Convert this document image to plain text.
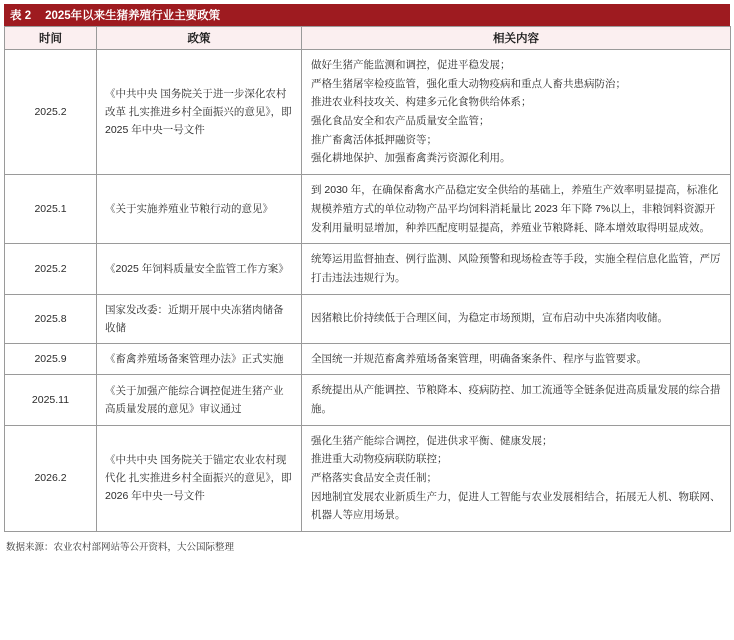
表 2 2025年以来生猪养殖行业主要政策
时间	政策	相关内容
2025.2	《中共中央 国务院关于进一步深化农村改革 扎实推进乡村全面振兴的意见》，即 2025 年中央一号文件	
做好生猪产能监测和调控，促进平稳发展；
严格生猪屠宰检疫监管，强化重大动物疫病和重点人畜共患病防治；
推进农业科技攻关、构建多元化食物供给体系；
强化食品安全和农产品质量安全监管；
推广畜禽活体抵押融资等；
强化耕地保护、加强畜禽粪污资源化利用。

2025.1	《关于实施养殖业节粮行动的意见》	到 2030 年，在确保畜禽水产品稳定安全供给的基础上，养殖生产效率明显提高，标准化规模养殖方式的单位动物产品平均饲料消耗量比 2023 年下降 7%以上，非粮饲料资源开发利用量明显增加，种养匹配度明显提高，养殖业节粮降耗、降本增效取得明显成效。

2025.2	《2025 年饲料质量安全监管工作方案》	统筹运用监督抽查、例行监测、风险预警和现场检查等手段，实施全程信息化监管，严厉打击违法违规行为。

2025.8	国家发改委：近期开展中央冻猪肉储备收储	因猪粮比价持续低于合理区间，为稳定市场预期，宣布启动中央冻猪肉收储。

2025.9	《畜禽养殖场备案管理办法》正式实施	全国统一并规范畜禽养殖场备案管理，明确备案条件、程序与监管要求。

2025.11	《关于加强产能综合调控促进生猪产业高质量发展的意见》审议通过	系统提出从产能调控、节粮降本、疫病防控、加工流通等全链条促进高质量发展的综合措施。

2026.2	《中共中央 国务院关于锚定农业农村现代化 扎实推进乡村全面振兴的意见》，即 2026 年中央一号文件	强化生猪产能综合调控，促进供求平衡、健康发展；
推进重大动物疫病联防联控；
严格落实食品安全责任制；
因地制宜发展农业新质生产力，促进人工智能与农业发展相结合，拓展无人机、物联网、机器人等应用场景。
数据来源：农业农村部网站等公开资料，大公国际整理
